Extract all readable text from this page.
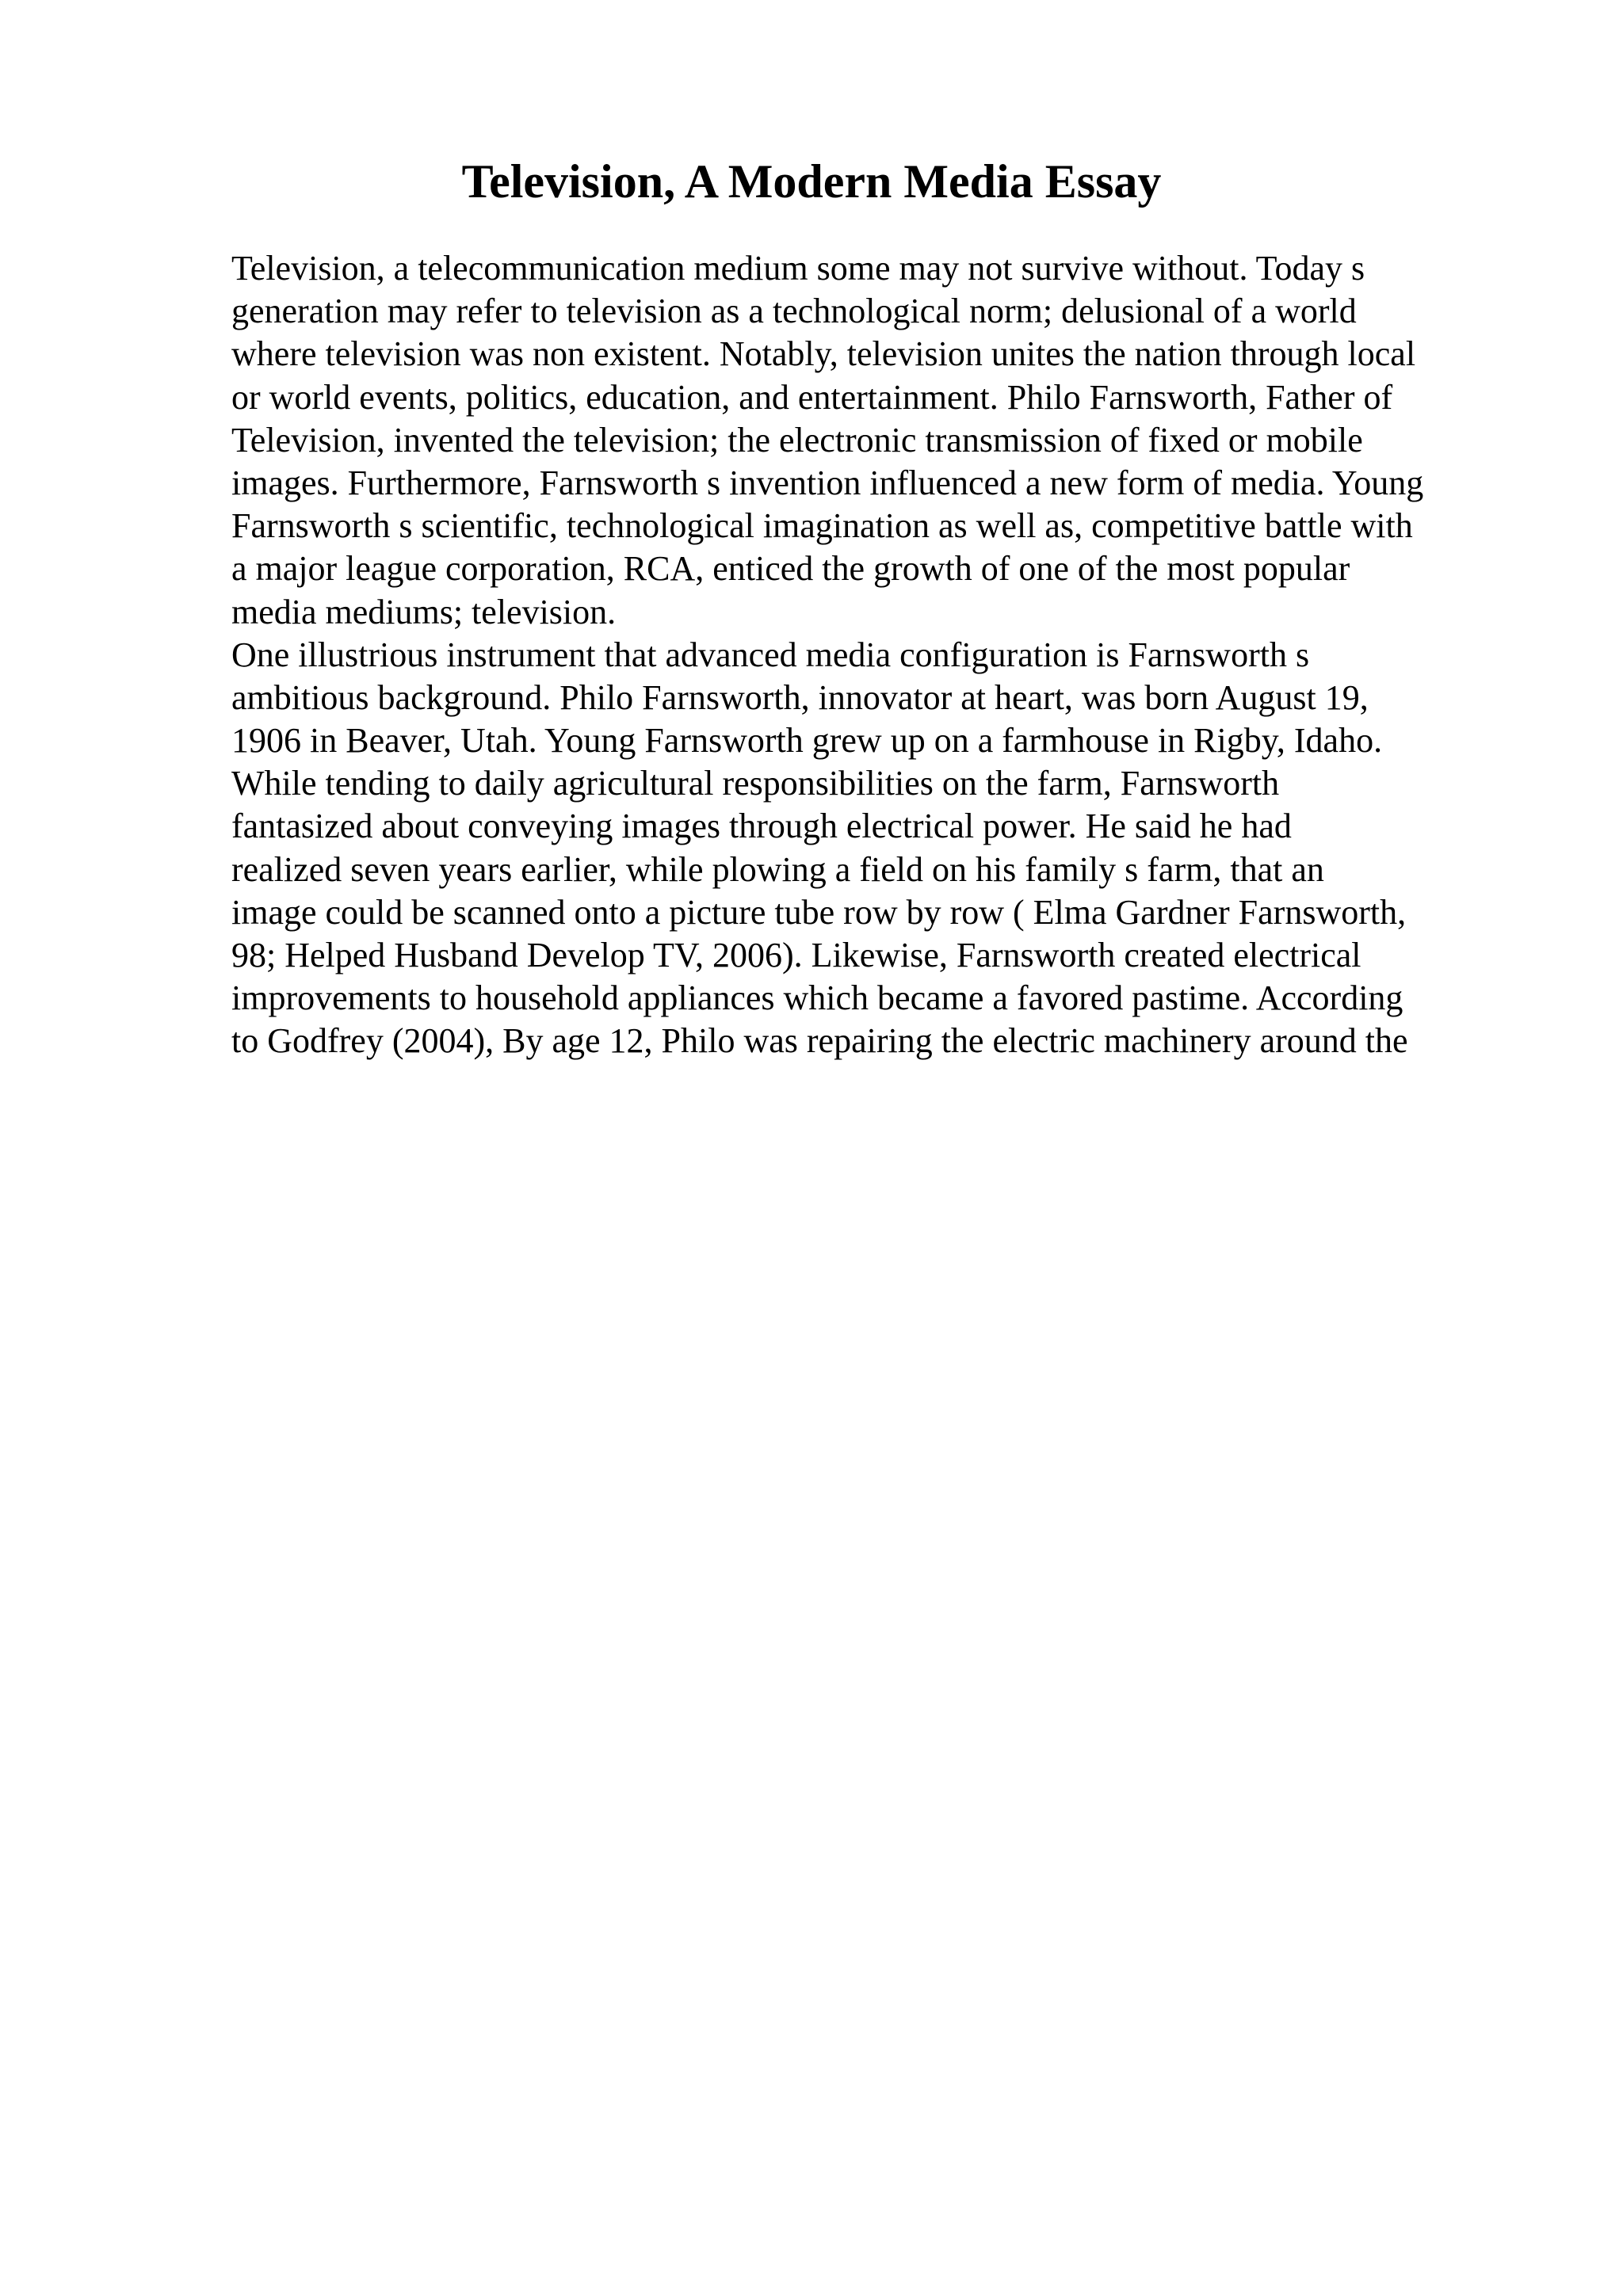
Television, A Modern Media Essay
Television, a telecommunication medium some may not survive without. Today s
generation may refer to television as a technological norm; delusional of a world
where television was non existent. Notably, television unites the nation through local
or world events, politics, education, and entertainment. Philo Farnsworth, Father of
Television, invented the television; the electronic transmission of fixed or mobile
images. Furthermore, Farnsworth s invention influenced a new form of media. Young
Farnsworth s scientific, technological imagination as well as, competitive battle with
a major league corporation, RCA, enticed the growth of one of the most popular
media mediums; television.
One illustrious instrument that advanced media configuration is Farnsworth s
ambitious background. Philo Farnsworth, innovator at heart, was born August 19,
1906 in Beaver, Utah. Young Farnsworth grew up on a farmhouse in Rigby, Idaho.
While tending to daily agricultural responsibilities on the farm, Farnsworth
fantasized about conveying images through electrical power. He said he had
realized seven years earlier, while plowing a field on his family s farm, that an
image could be scanned onto a picture tube row by row ( Elma Gardner Farnsworth,
98; Helped Husband Develop TV, 2006). Likewise, Farnsworth created electrical
improvements to household appliances which became a favored pastime. According
to Godfrey (2004), By age 12, Philo was repairing the electric machinery around the
